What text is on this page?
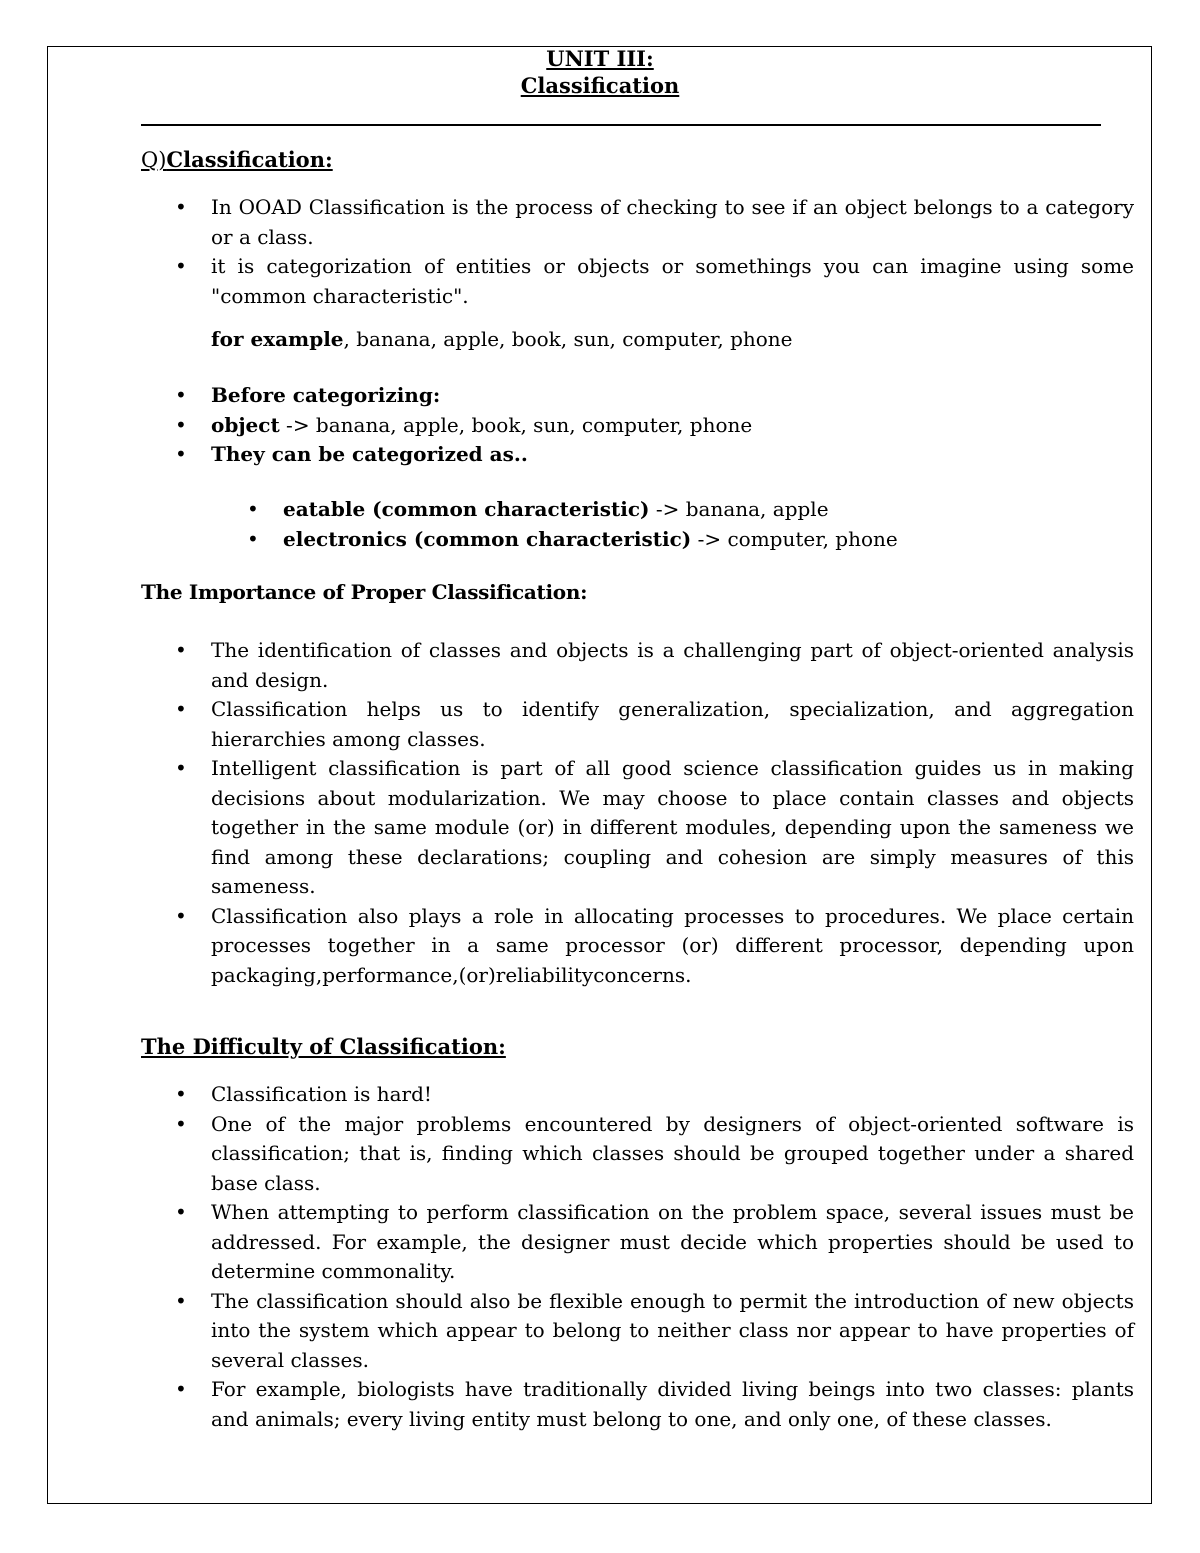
UNIT III:
Classification
Q)Classification:
• In OOAD Classification is the process of checking to see if an object belongs to a category or a class.
• it is categorization of entities or objects or somethings you can imagine using some "common characteristic".
for example, banana, apple, book, sun, computer, phone
• Before categorizing:
• object -> banana, apple, book, sun, computer, phone
• They can be categorized as..
• eatable (common characteristic) -> banana, apple
• electronics (common characteristic) -> computer, phone
The Importance of Proper Classification:
• The identification of classes and objects is a challenging part of object-oriented analysis and design.
• Classification helps us to identify generalization, specialization, and aggregation hierarchies among classes.
• Intelligent classification is part of all good science classification guides us in making decisions about modularization. We may choose to place contain classes and objects together in the same module (or) in different modules, depending upon the sameness we find among these declarations; coupling and cohesion are simply measures of this sameness.
• Classification also plays a role in allocating processes to procedures. We place certain processes together in a same processor (or) different processor, depending upon packaging,performance,(or)reliabilityconcerns.
The Difficulty of Classification:
• Classification is hard!
• One of the major problems encountered by designers of object-oriented software is classification; that is, finding which classes should be grouped together under a shared base class.
• When attempting to perform classification on the problem space, several issues must be addressed. For example, the designer must decide which properties should be used to determine commonality.
• The classification should also be flexible enough to permit the introduction of new objects into the system which appear to belong to neither class nor appear to have properties of several classes.
• For example, biologists have traditionally divided living beings into two classes: plants and animals; every living entity must belong to one, and only one, of these classes.
